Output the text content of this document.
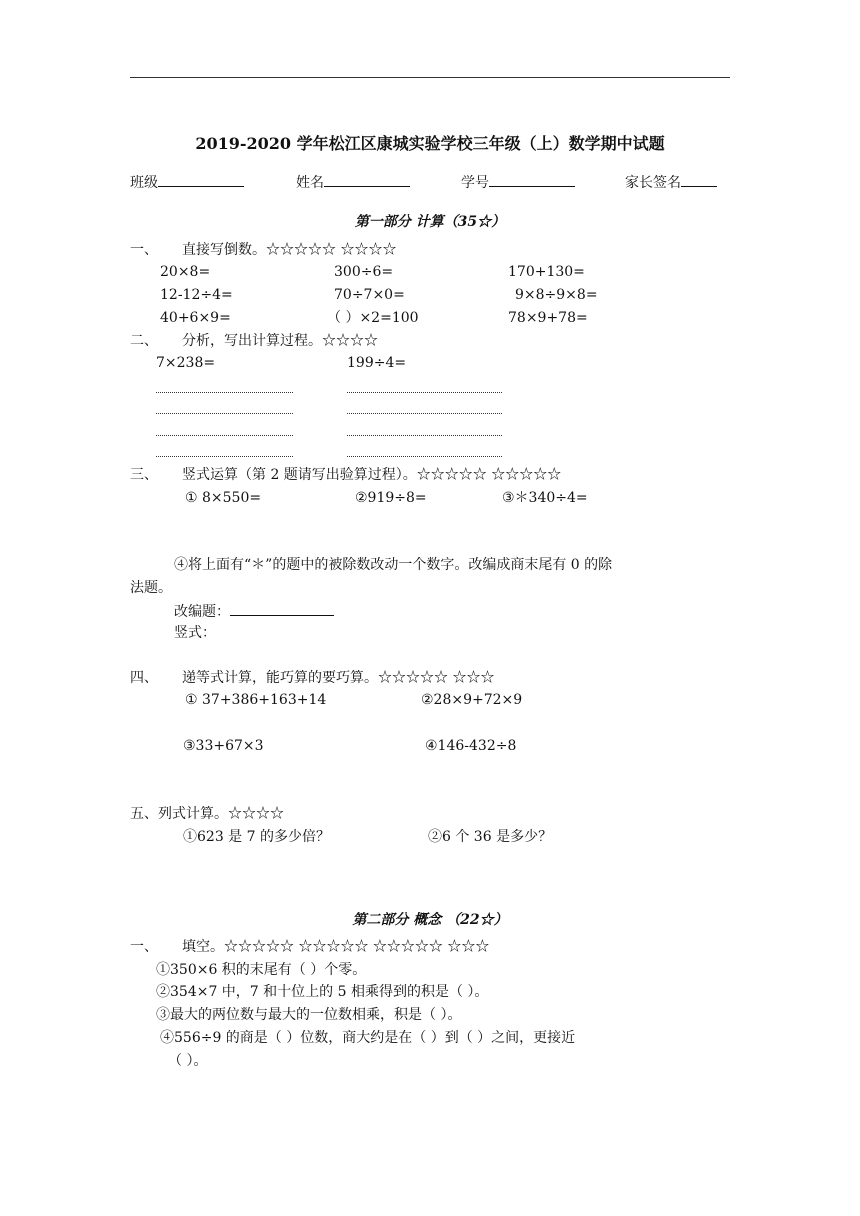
2019-2020 学年松江区康城实验学校三年级（上）数学期中试题
班级	姓名	学号	家长签名
第一部分 计算（35☆）
一、 直接写倒数。☆☆☆☆☆ ☆☆☆☆
20×8=	300÷6=	170+130=
12-12÷4=	70÷7×0=	9×8÷9×8=
40+6×9=	（ ）×2=100	78×9+78=
二、 分析，写出计算过程。☆☆☆☆
7×238=	199÷4=
三、 竖式运算（第 2 题请写出验算过程）。☆☆☆☆☆ ☆☆☆☆☆
① 8×550=	②919÷8=	③＊340÷4=
④将上面有“＊”的题中的被除数改动一个数字。改编成商末尾有 0 的除
法题。
改编题：
竖式：
四、 递等式计算，能巧算的要巧算。☆☆☆☆☆ ☆☆☆
① 37+386+163+14	②28×9+72×9
③33+67×3	④146-432÷8
五、列式计算。☆☆☆☆
①623 是 7 的多少倍？	②6 个 36 是多少？
第二部分 概念 （22☆）
一、 填空。☆☆☆☆☆ ☆☆☆☆☆ ☆☆☆☆☆ ☆☆☆
①350×6 积的末尾有（ ）个零。
②354×7 中，7 和十位上的 5 相乘得到的积是（ ）。
③最大的两位数与最大的一位数相乘，积是（ ）。
④556÷9 的商是（ ）位数，商大约是在（ ）到（ ）之间，更接近
（ ）。
